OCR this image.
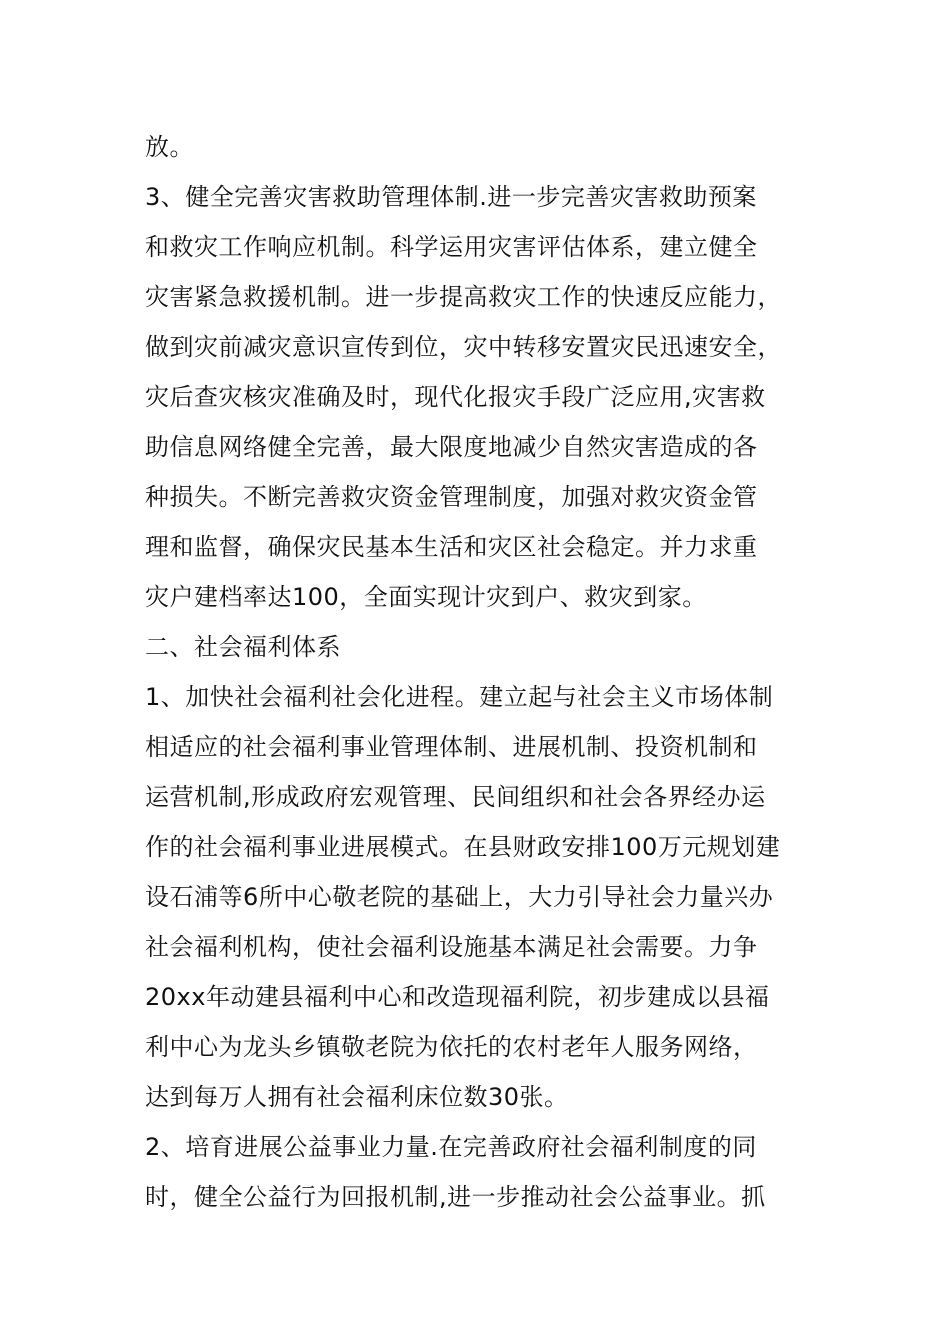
放。
3、健全完善灾害救助管理体制.进一步完善灾害救助预案
和救灾工作响应机制。科学运用灾害评估体系，建立健全
灾害紧急救援机制。进一步提高救灾工作的快速反应能力，
做到灾前减灾意识宣传到位，灾中转移安置灾民迅速安全，
灾后查灾核灾准确及时，现代化报灾手段广泛应用,灾害救
助信息网络健全完善，最大限度地减少自然灾害造成的各
种损失。不断完善救灾资金管理制度，加强对救灾资金管
理和监督，确保灾民基本生活和灾区社会稳定。并力求重
灾户建档率达100，全面实现计灾到户、救灾到家。
二、社会福利体系
1、加快社会福利社会化进程。建立起与社会主义市场体制
相适应的社会福利事业管理体制、进展机制、投资机制和
运营机制,形成政府宏观管理、民间组织和社会各界经办运
作的社会福利事业进展模式。在县财政安排100万元规划建
设石浦等6所中心敬老院的基础上，大力引导社会力量兴办
社会福利机构，使社会福利设施基本满足社会需要。力争
20xx年动建县福利中心和改造现福利院，初步建成以县福
利中心为龙头乡镇敬老院为依托的农村老年人服务网络，
达到每万人拥有社会福利床位数30张。
2、培育进展公益事业力量.在完善政府社会福利制度的同
时，健全公益行为回报机制,进一步推动社会公益事业。抓
